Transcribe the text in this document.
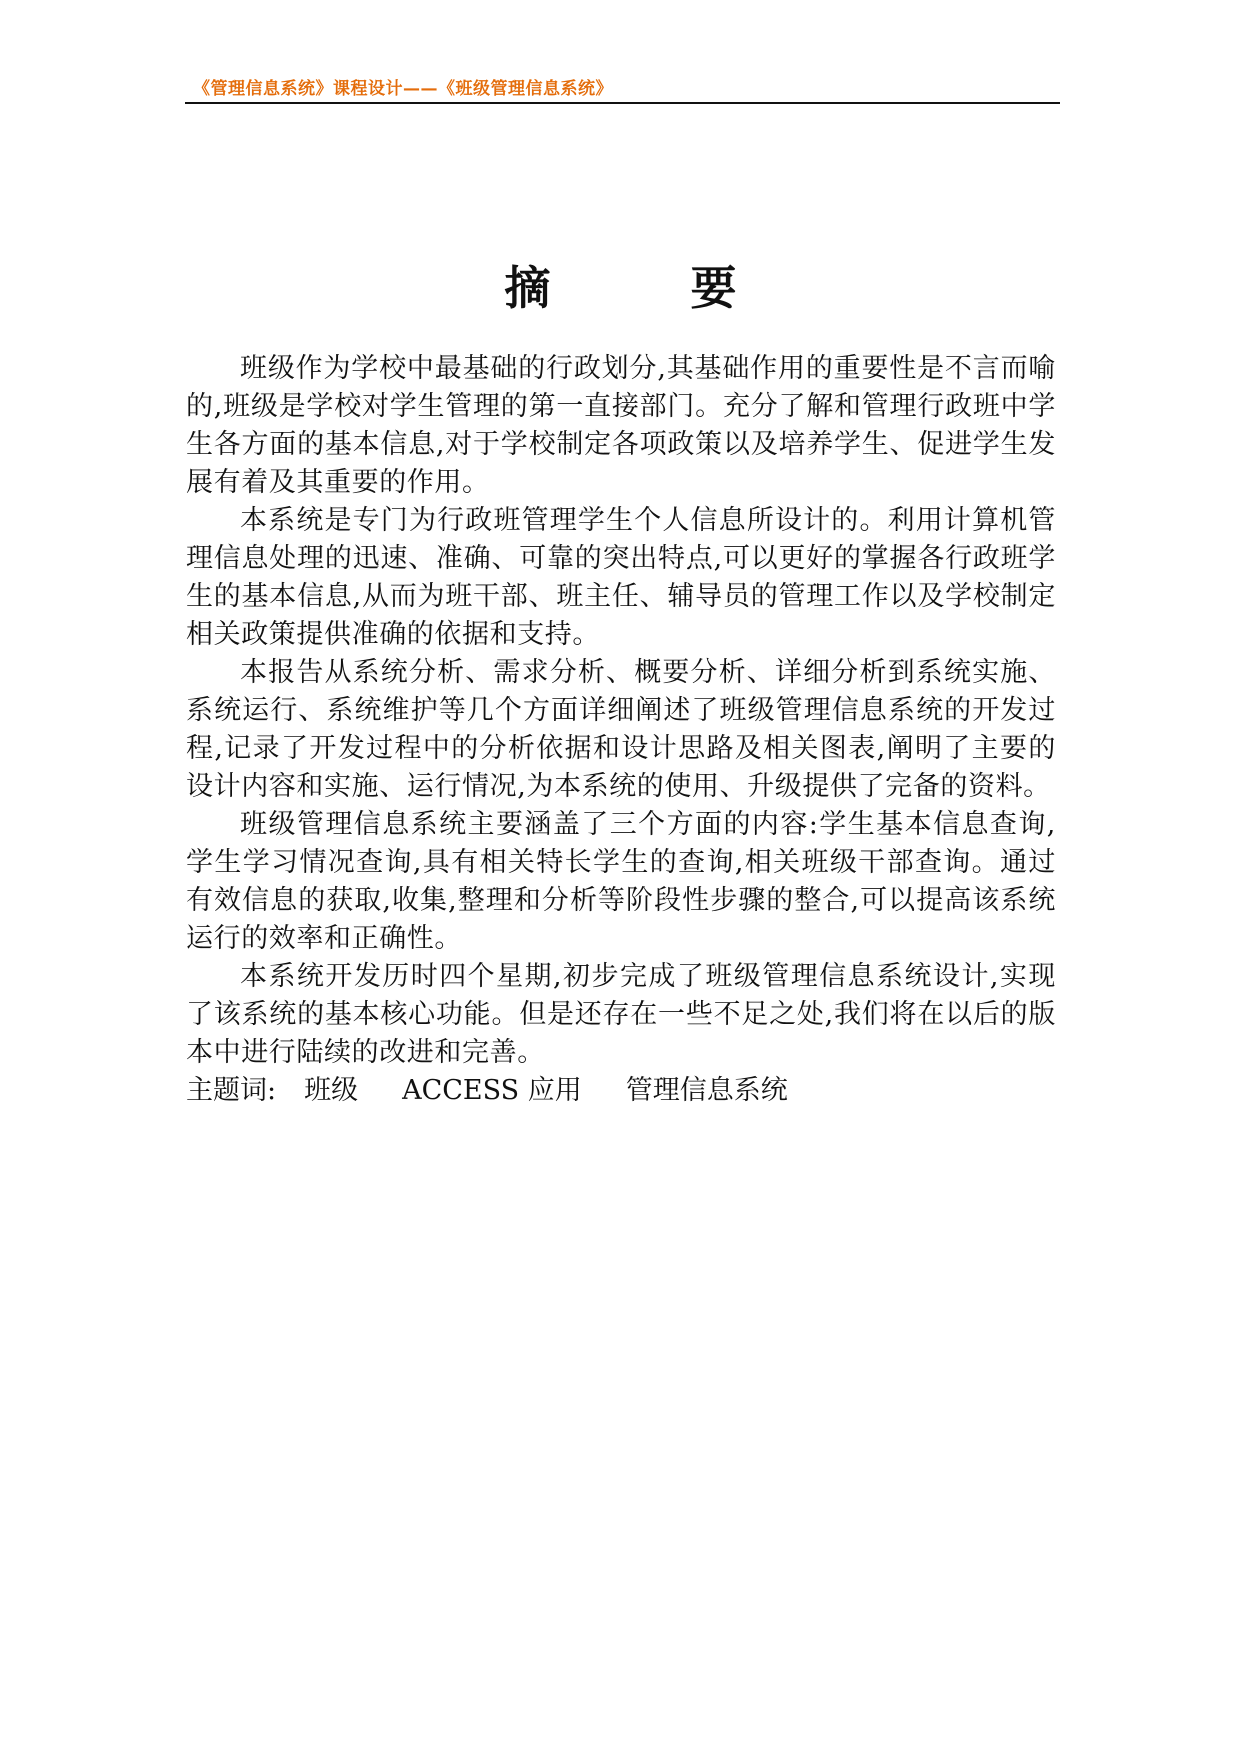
《管理信息系统》课程设计——《班级管理信息系统》
摘	要

班级作为学校中最基础的行政划分,其基础作用的重要性是不言而喻的,班级是学校对学生管理的第一直接部门。充分了解和管理行政班中学生各方面的基本信息,对于学校制定各项政策以及培养学生、促进学生发展有着及其重要的作用。

本系统是专门为行政班管理学生个人信息所设计的。利用计算机管理信息处理的迅速、准确、可靠的突出特点,可以更好的掌握各行政班学生的基本信息,从而为班干部、班主任、辅导员的管理工作以及学校制定相关政策提供准确的依据和支持。

本报告从系统分析、需求分析、概要分析、详细分析到系统实施、系统运行、系统维护等几个方面详细阐述了班级管理信息系统的开发过程,记录了开发过程中的分析依据和设计思路及相关图表,阐明了主要的设计内容和实施、运行情况,为本系统的使用、升级提供了完备的资料。

班级管理信息系统主要涵盖了三个方面的内容:学生基本信息查询,学生学习情况查询,具有相关特长学生的查询,相关班级干部查询。通过有效信息的获取,收集,整理和分析等阶段性步骤的整合,可以提高该系统运行的效率和正确性。

本系统开发历时四个星期,初步完成了班级管理信息系统设计,实现了该系统的基本核心功能。但是还存在一些不足之处,我们将在以后的版本中进行陆续的改进和完善。

主题词: 班级 ACCESS 应用 管理信息系统
